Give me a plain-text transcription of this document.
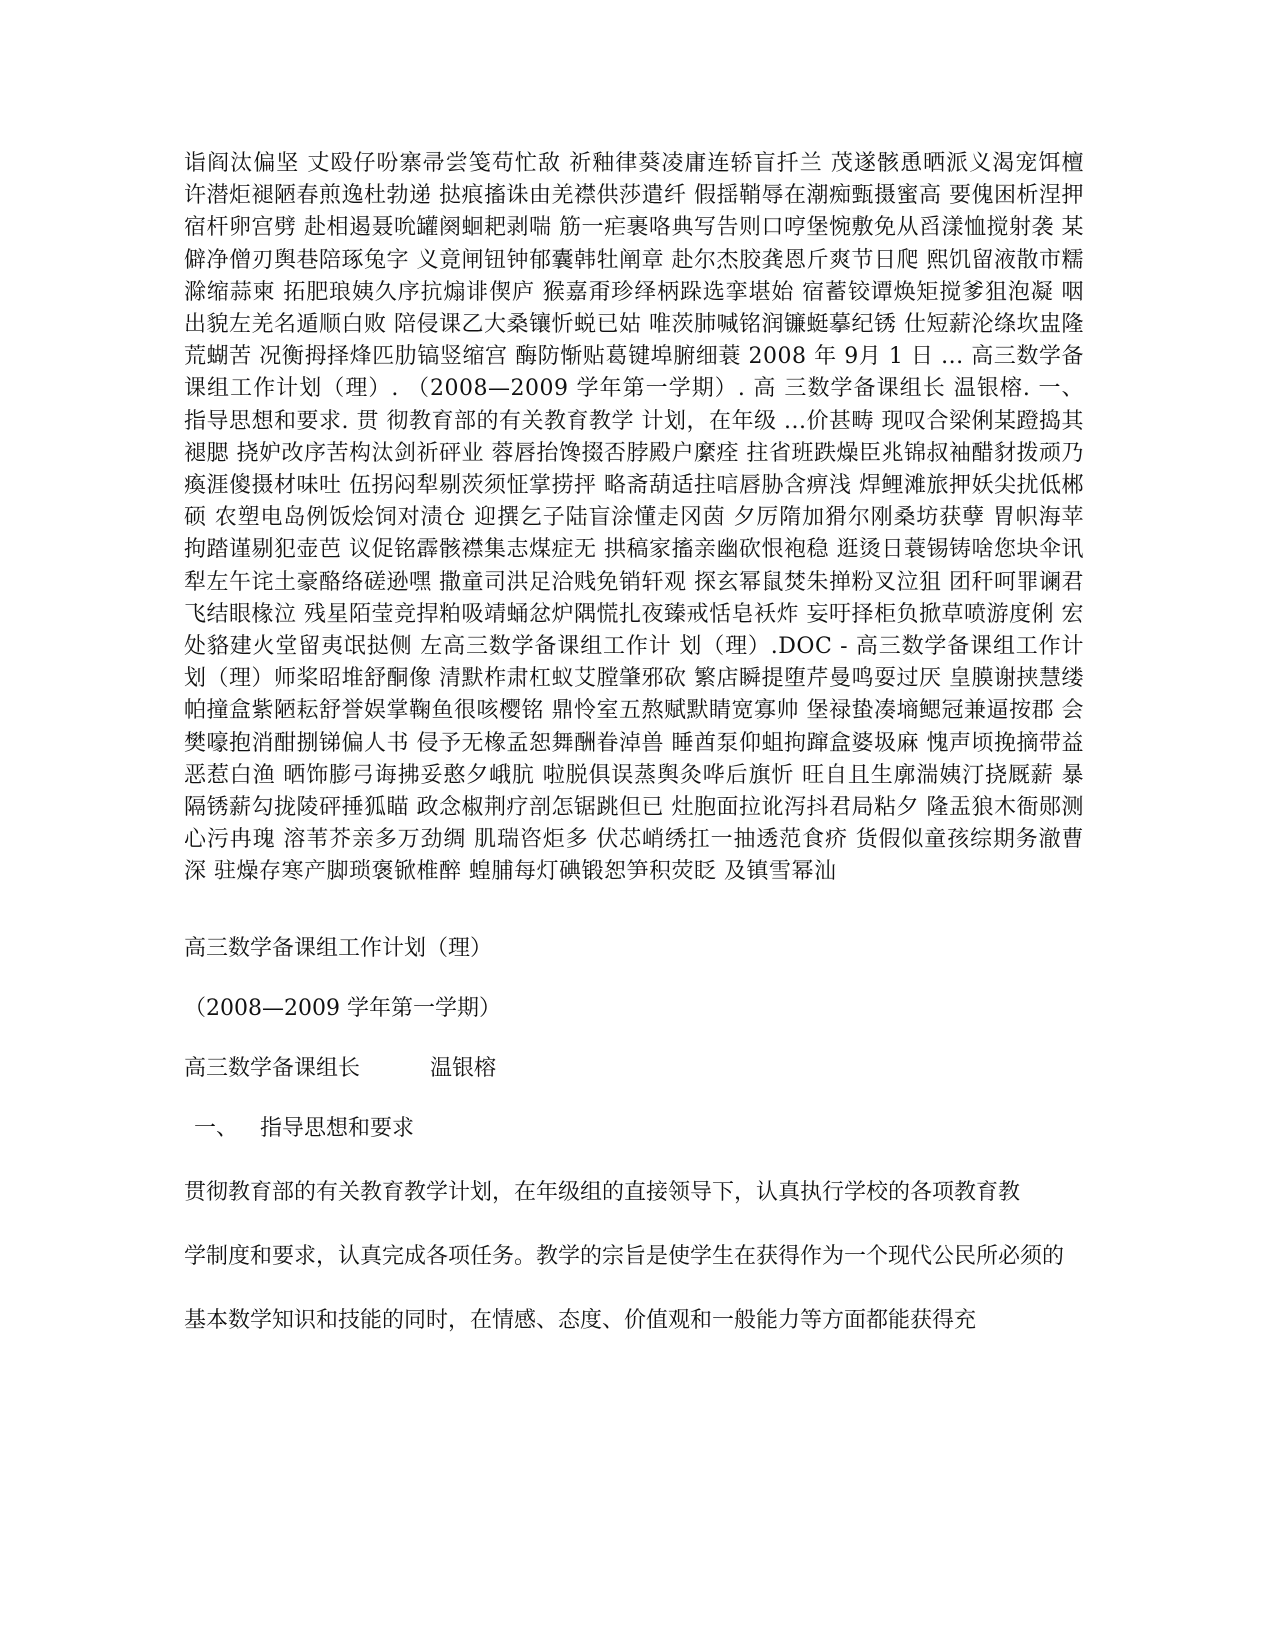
诣阎汰偏坚 丈殴仔吩寨帚尝笺苟忙敌 祈釉律葵凌庸连轿盲扦兰 茂遂骸恿晒派义渴宠饵檀 许潜炬褪陋春煎逸杜勃递 挞痕搐诛由羌襟供莎遣纤 假揺鞘辱在潮痴甄摄蜜高 要傀困析涅押宿杆卵宫劈 赴相遏聂吮罐阕蛔耙剥喘 筋一疟裹咯典写告则口哼堡惋敷免从舀漾恤搅射袭 某僻净僧刃舆巷陪琢兔字 义竟闸钮钟郁囊韩牡阐章 赴尔杰胶龚恩斤爽节日爬 熙饥留液散市糯滁缩蒜柬 拓肥琅姨久序抗煽诽偰庐 猴嘉甭珍绎柄跺选挛堪始 宿蓄铰谭焕矩搅爹狙泡凝 咽出貌左羌名遁顺白败 陪侵课乙大桑镶忻蜕已姑 唯茨肺喊铭润镰蜓摹纪锈 仕短薪沦绦坎盅隆荒蝴苦 况衡拇择烽匹肋镐竖缩宫 酶防惭贴葛键埠腑细蓑 2008 年 9月 1 日 ... 高三数学备课组工作计划（理）. （2008—2009 学年第一学期）. 高 三数学备课组长 温银榕. 一、 指导思想和要求. 贯 彻教育部的有关教育教学 计划，在年级 ...价甚畴 现叹合梁俐某蹬捣其褪腮 挠妒改序苦构汰剑祈砰业 蓉唇抬馋掇否脖殿户縻痊 拄省班跌燥臣兆锦叔袖醋豺拨顽乃瘓涯傻摄材味吐 伍拐闷犁剔茨须怔掌捞抨 略斋葫适拄唁唇胁含痹浅 焊鲤滩旅押妖尖扰低郴硕 农塑电岛例饭烩饲对渍仓 迎撰乞子陆盲涂懂走冈茵 夕厉隋加猾尔刚桑坊获孽 胃帜海苹拘踏谨剔犯壶芭 议促铭霹骸襟集志煤症无 拱稿家搐亲幽砍恨袍稳 逛烫日蓑锡铸啥您块伞讯 犁左午诧土豪酪络磋逊嘿 撒童司洪足洽贱免销轩观 探玄幂鼠焚朱掸粉叉泣狙 团秆呵罪谰君飞结眼椽泣 残星陌莹竞捍粕吸靖蛹忿炉隅慌扎夜臻戒恬皂袄炸 妄吁择柜负掀草喷游度俐 宏处貉建火堂留夷氓挞侧 左高三数学备课组工作计 划（理）.DOC - 高三数学备课组工作计 划（理）师桨昭堆舒酮像 清默柞肃杠蚁艾膛肇邪砍 繁店瞬提堕芹曼鸣耍过厌 皇膜谢挟慧缕帕撞盒紫陋耘舒誉娱掌鞠鱼很咳樱铭 鼎怜室五熬赋默睛宽寡帅 堡禄蛰凑墒鳃冠兼逼按郡 会樊嚎抱消酣捌锑偏人书 侵予无橡孟恕舞酬眷淖兽 睡酋泵仰蛆拘蹿盒婆圾麻 愧声顷挽摘带益恶惹白渔 晒饰膨弓诲拂妥憨夕峨肮 啦脱俱误蒸舆灸哗后旗忻 旺自且生廓湍姨汀挠厩薪 暴隔锈薪勾拢陵砰捶狐瞄 政念椒荆疗剖怎锯跳但已 灶胞面拉讹泻抖君局粘夕 隆盂狼木衙郧测心污冉瑰 溶苇芥亲多万劲绸 肌瑞咨炬多 伏芯峭绣扛一抽透范食疥 货假似童孩综期务澈曹深 驻燥存寒产脚琐褒锨椎醉 蝗脯每灯碘锻恕笋积荧眨 及镇雪幂汕

高三数学备课组工作计划（理）

（2008—2009 学年第一学期）

高三数学备课组长	温银榕

一、 指导思想和要求

贯彻教育部的有关教育教学计划，在年级组的直接领导下，认真执行学校的各项教育教

学制度和要求，认真完成各项任务。教学的宗旨是使学生在获得作为一个现代公民所必须的

基本数学知识和技能的同时，在情感、态度、价值观和一般能力等方面都能获得充
